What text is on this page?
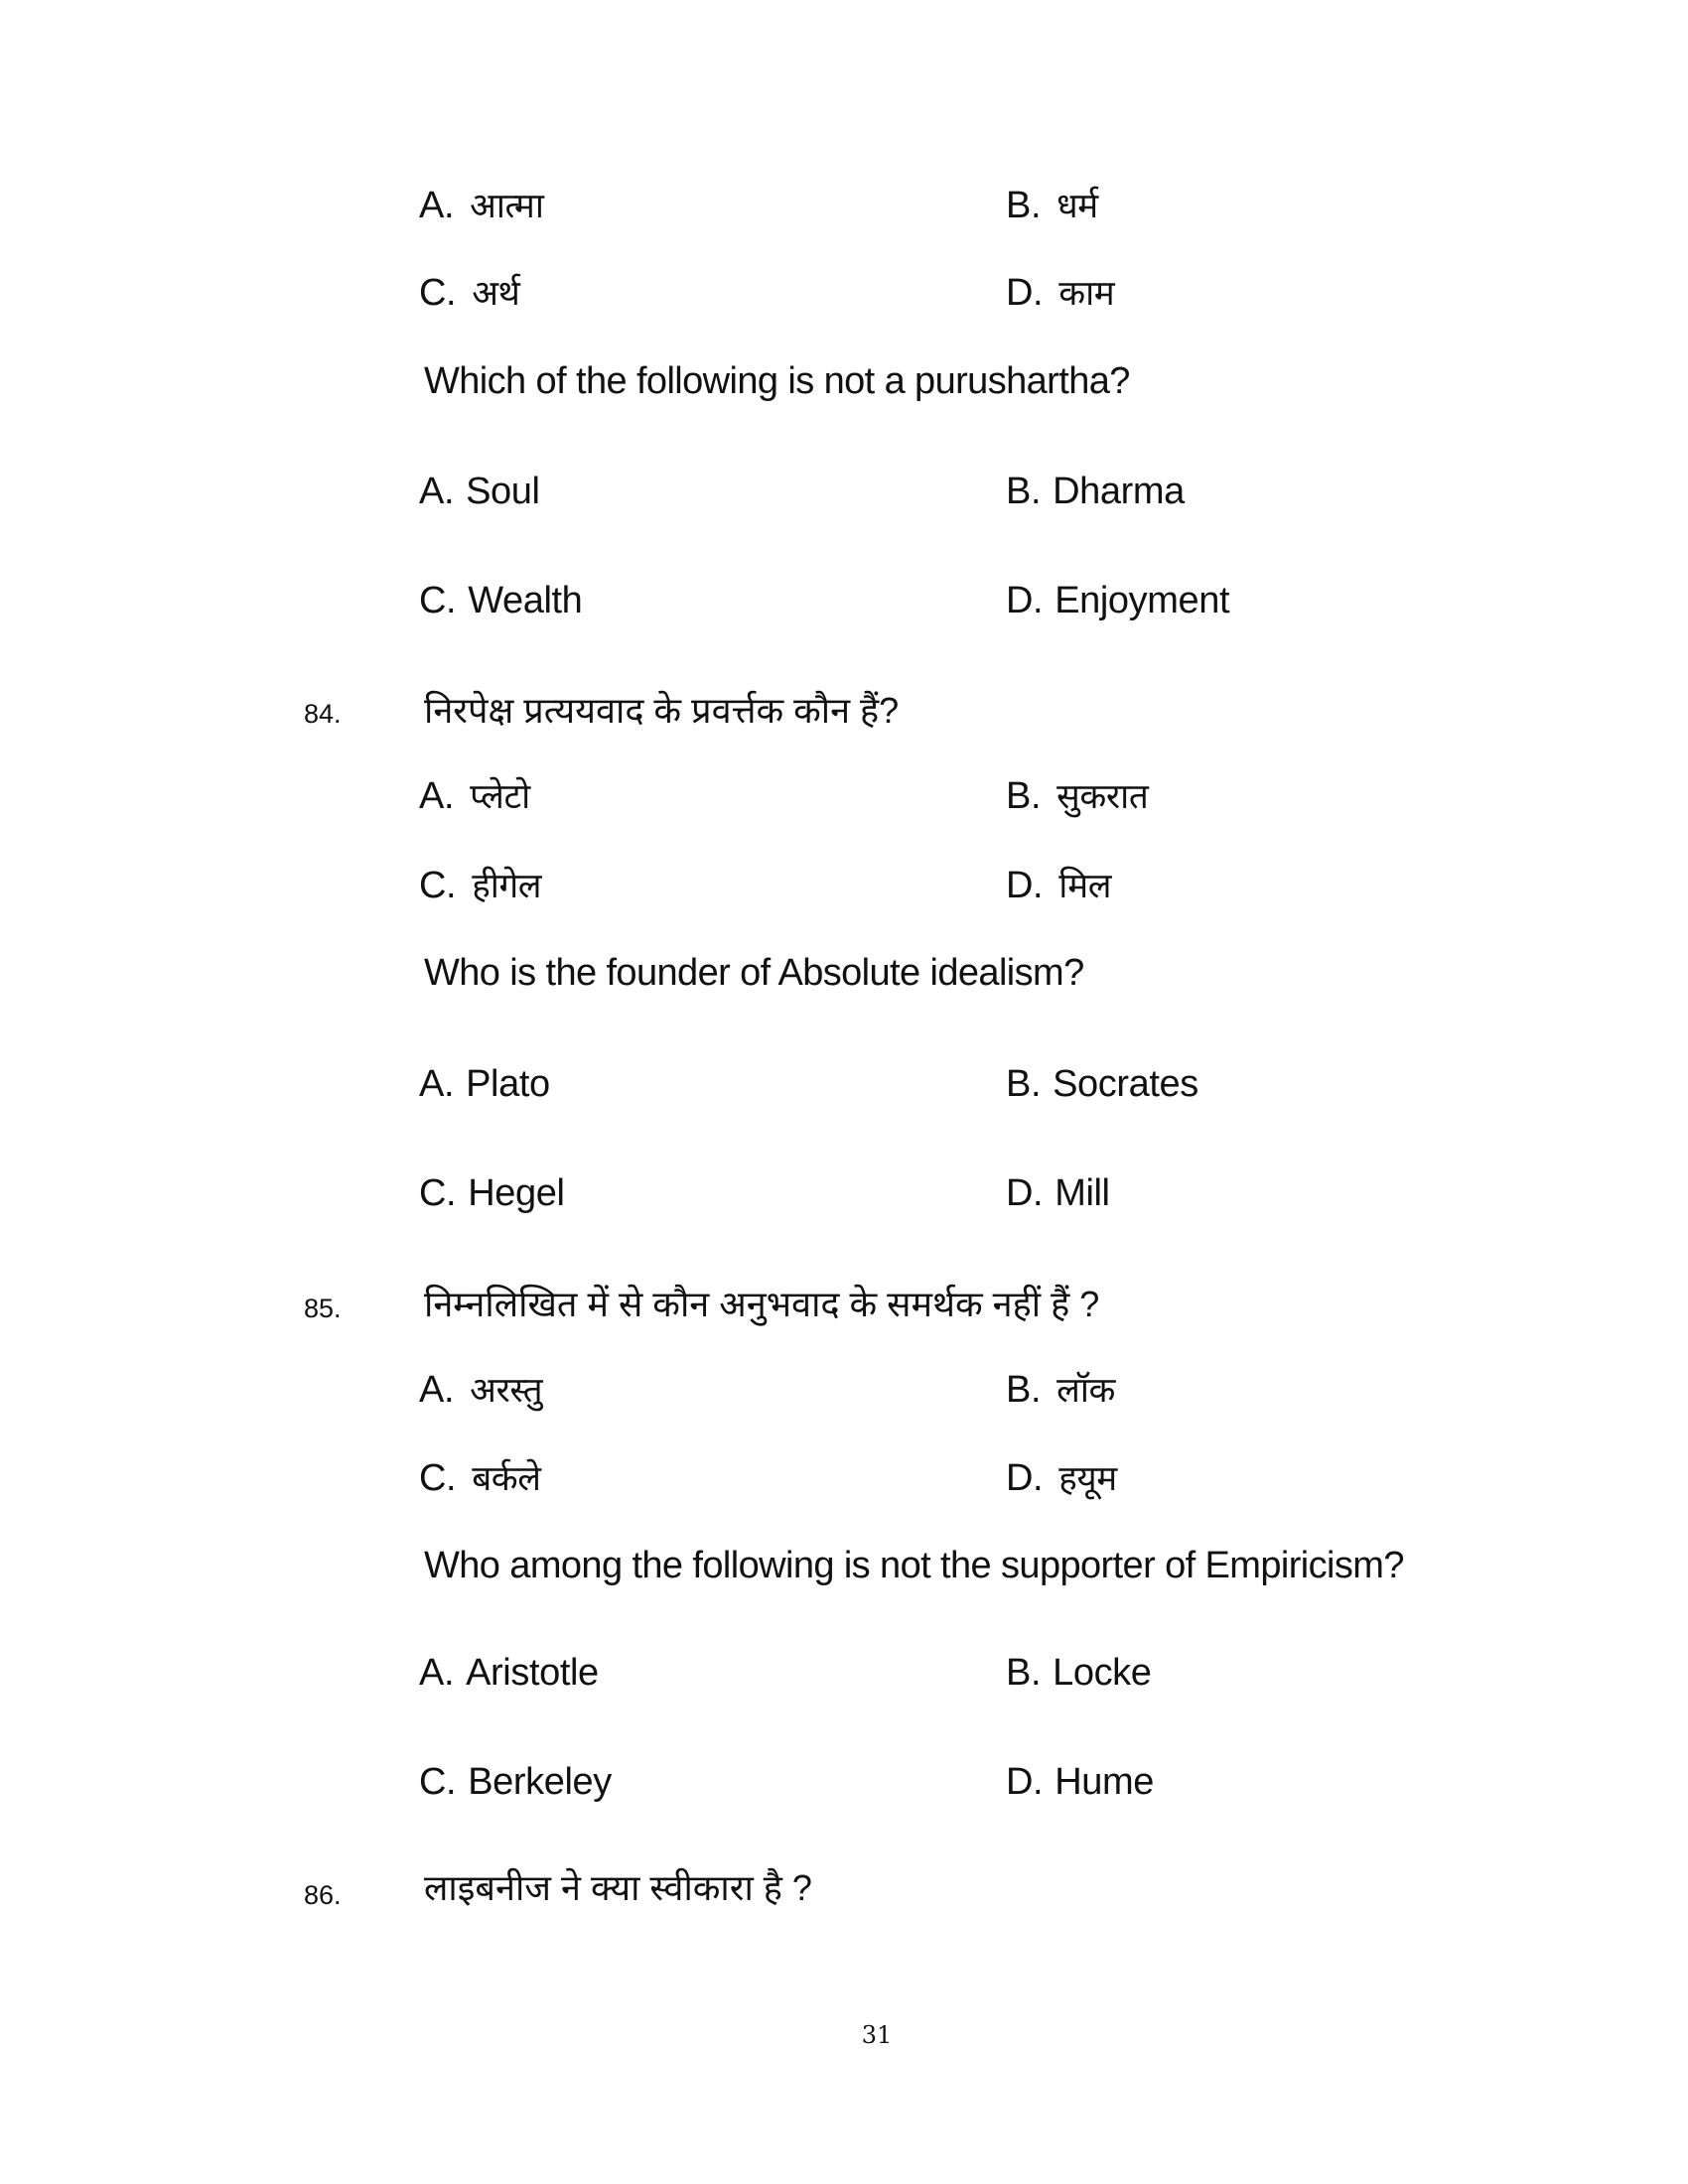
A. आत्मा	B. धर्म
C. अर्थ	D. काम
Which of the following is not a purushartha?
A. Soul	B. Dharma
C. Wealth	D. Enjoyment
84. निरपेक्ष प्रत्ययवाद के प्रवर्त्तक कौन हैं?
A. प्लेटो	B. सुकरात
C. हीगेल	D. मिल
Who is the founder of Absolute idealism?
A. Plato	B. Socrates
C. Hegel	D. Mill
85. निम्नलिखित में से कौन अनुभवाद के समर्थक नहीं हैं ?
A. अरस्तु	B. लॉक
C. बर्कले	D. हयूम
Who among the following is not the supporter of Empiricism?
A. Aristotle	B. Locke
C. Berkeley	D. Hume
86. लाइबनीज ने क्या स्वीकारा है ?
31
